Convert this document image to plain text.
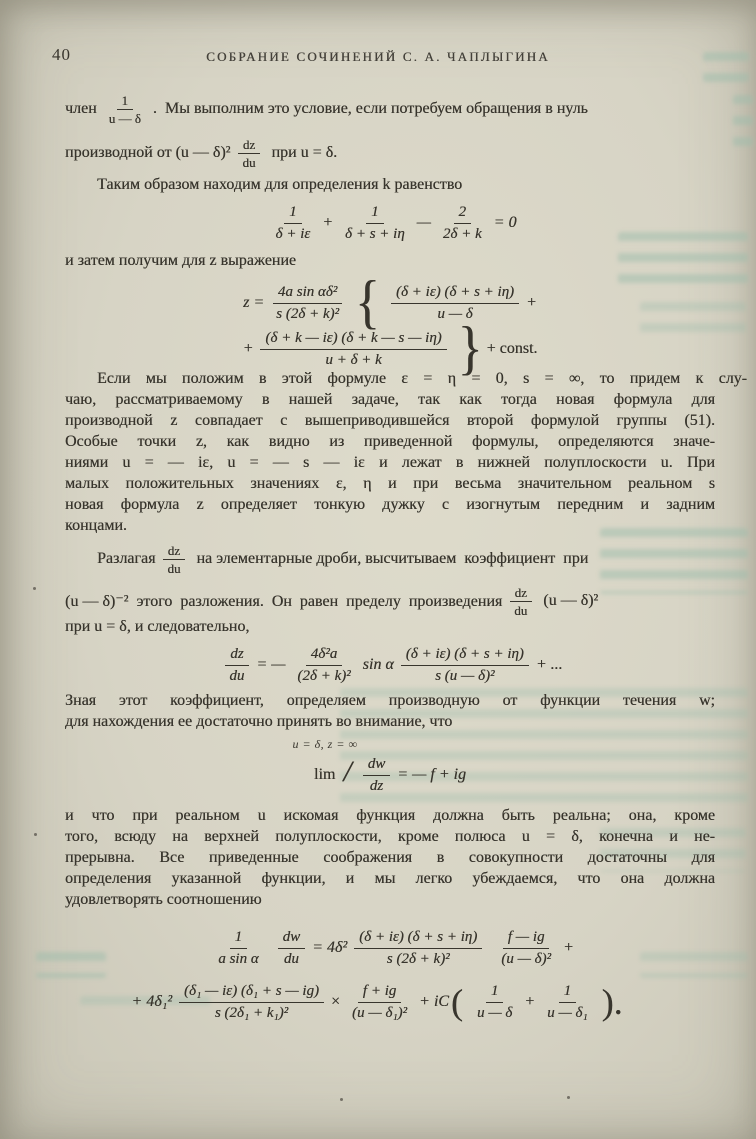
40	СОБРАНИЕ СОЧИНЕНИЙ С. А. ЧАПЛЫГИНА
член $\frac{1}{u — \delta}$ .  Мы выполним это условие, если потребуем обращения в нуль
производной от (u — $\delta)^2 \frac{dz}{du}$ при u = δ.
Таким образом находим для определения k равенство
$\frac{1}{\delta + i\varepsilon} + \frac{1}{\delta + s + i\eta}$ — $\frac{2}{2\delta + k} = 0$
и затем получим для z выражение
$z = \frac{\text{4a sin αδ²}}{\text{s (2δ + k)²}}$ { $\frac{(\delta + i\varepsilon) (\delta + s + i\eta)}{u — \delta}$ +
+ $\frac{(\delta + k — i\varepsilon) (\delta + k — s — i\eta)}{u + \delta + k}$ } + const.
Если мы положим в этой формуле ε = η = 0, s = ∞, то придем к слу-
чаю, рассматриваемому в нашей задаче, так как тогда новая формула для
производной z совпадает с вышеприводившейся второй формулой группы (51).
Особые точки z, как видно из приведенной формулы, определяются значе-
ниями u = — iε, u = — s — iε и лежат в нижней полуплоскости u. При
малых положительных значениях ε, η и при весьма значительном реальном s
новая формула z определяет тонкую дужку с изогнутым передним и задним
концами.
Разлагая $\frac{dz}{du}$ на элементарные дроби, высчитываем  коэффициент  при
(u — δ)⁻²  этого  разложения.  Он  равен  пределу  произведения $\frac{dz}{du} (u$ — δ)²
при u = δ, и следовательно,
$\frac{dz}{du}$ = — $\frac{\text{4δ²a}}{\text{(2δ + k)²}}$ sin α $\frac{(\delta + i\varepsilon) (\delta + s + i\eta)}{\text{s (u — δ)²}}$ + ...
Зная этот коэффициент, определяем производную от функции течения w;
для нахождения ее достаточно принять во внимание, что
u = δ, z = ∞
lim / $\frac{dw}{dz}$ = — f + ig
и что при реальном u искомая функция должна быть реальна; она, кроме
того, всюду на верхней полуплоскости, кроме полюса u = δ, конечна и не-
прерывна. Все приведенные соображения в совокупности достаточны для
определения указанной функции, и мы легко убеждаемся, что она должна
удовлетворять соотношению
$\frac{1}{\text{a sin α}} \frac{dw}{du} = 4\delta^2 \frac{(\delta + i\varepsilon) (\delta + s + i\eta)}{\text{s (2δ + k)²}} \frac{f — ig}{\text{(u — δ)²}}$ +
+ $4\delta_1^2 \frac{\text{(δ₁ — iε) (δ₁ + s — ig)}}{\text{s (2δ₁ + k₁)²}} \times \frac{f + ig}{\text{(u — δ₁)²}}$ + iC ( $\frac{1}{u — \delta} + \frac{1}{\text{u — δ₁}}$ ).
